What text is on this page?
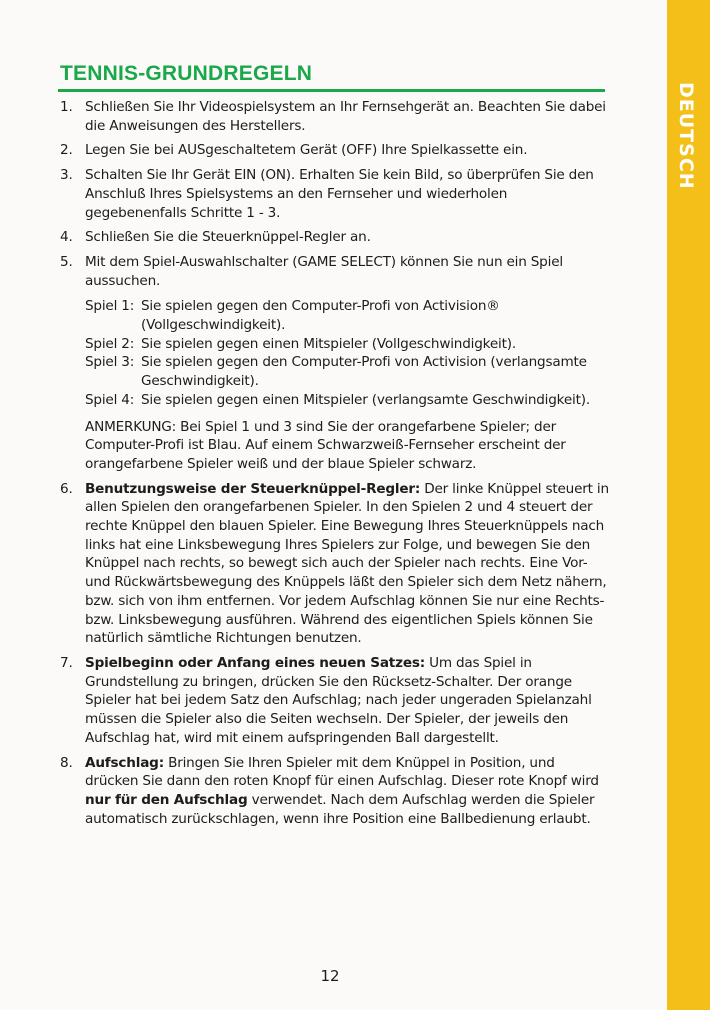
DEUTSCH
TENNIS-GRUNDREGELN
1. Schließen Sie Ihr Videospielsystem an Ihr Fernsehgerät an. Beachten Sie dabei die Anweisungen des Herstellers.
2. Legen Sie bei AUSgeschaltetem Gerät (OFF) Ihre Spielkassette ein.
3. Schalten Sie Ihr Gerät EIN (ON). Erhalten Sie kein Bild, so überprüfen Sie den Anschluß Ihres Spielsystems an den Fernseher und wiederholen gegebenenfalls Schritte 1 - 3.
4. Schließen Sie die Steuerknüppel-Regler an.
5. Mit dem Spiel-Auswahlschalter (GAME SELECT) können Sie nun ein Spiel aussuchen.
Spiel 1: Sie spielen gegen den Computer-Profi von Activision® (Vollgeschwindigkeit).
Spiel 2: Sie spielen gegen einen Mitspieler (Vollgeschwindigkeit).
Spiel 3: Sie spielen gegen den Computer-Profi von Activision (verlangsamte Geschwindigkeit).
Spiel 4: Sie spielen gegen einen Mitspieler (verlangsamte Geschwindigkeit).
ANMERKUNG: Bei Spiel 1 und 3 sind Sie der orangefarbene Spieler; der Computer-Profi ist Blau. Auf einem Schwarzweiß-Fernseher erscheint der orangefarbene Spieler weiß und der blaue Spieler schwarz.
6. Benutzungsweise der Steuerknüppel-Regler: Der linke Knüppel steuert in allen Spielen den orangefarbenen Spieler. In den Spielen 2 und 4 steuert der rechte Knüppel den blauen Spieler. Eine Bewegung Ihres Steuerknüppels nach links hat eine Linksbewegung Ihres Spielers zur Folge, und bewegen Sie den Knüppel nach rechts, so bewegt sich auch der Spieler nach rechts. Eine Vor- und Rückwärtsbewegung des Knüppels läßt den Spieler sich dem Netz nähern, bzw. sich von ihm entfernen. Vor jedem Aufschlag können Sie nur eine Rechts- bzw. Linksbewegung ausführen. Während des eigentlichen Spiels können Sie natürlich sämtliche Richtungen benutzen.
7. Spielbeginn oder Anfang eines neuen Satzes: Um das Spiel in Grundstellung zu bringen, drücken Sie den Rücksetz-Schalter. Der orange Spieler hat bei jedem Satz den Aufschlag; nach jeder ungeraden Spielanzahl müssen die Spieler also die Seiten wechseln. Der Spieler, der jeweils den Aufschlag hat, wird mit einem aufspringenden Ball dargestellt.
8. Aufschlag: Bringen Sie Ihren Spieler mit dem Knüppel in Position, und drücken Sie dann den roten Knopf für einen Aufschlag. Dieser rote Knopf wird nur für den Aufschlag verwendet. Nach dem Aufschlag werden die Spieler automatisch zurückschlagen, wenn ihre Position eine Ballbedienung erlaubt.
12
